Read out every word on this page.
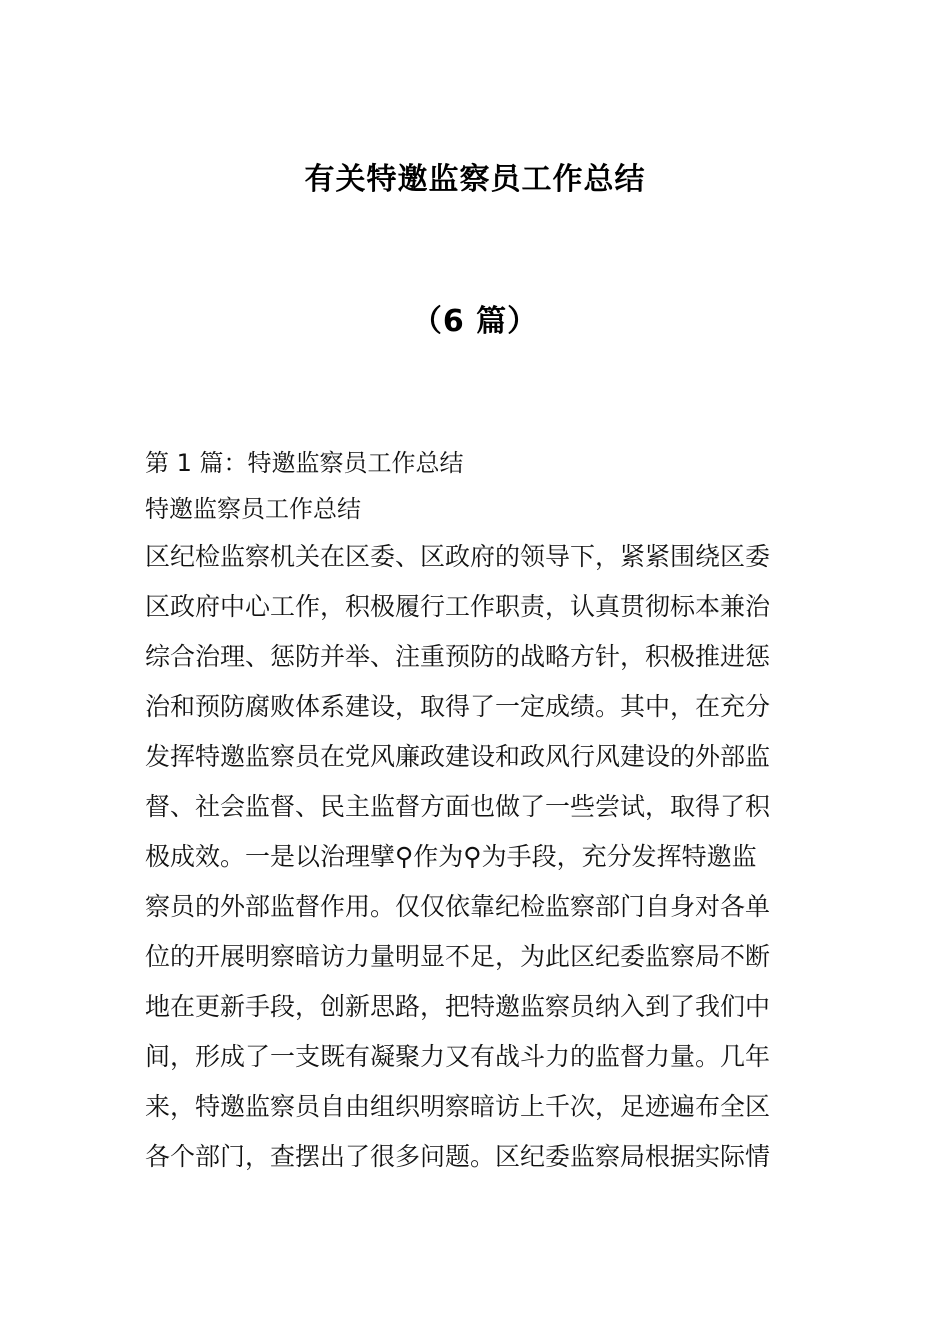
有关特邀监察员工作总结
（6 篇）
第 1 篇：特邀监察员工作总结
特邀监察员工作总结
区纪检监察机关在区委、区政府的领导下，紧紧围绕区委
区政府中心工作，积极履行工作职责，认真贯彻标本兼治
综合治理、惩防并举、注重预防的战略方针，积极推进惩
治和预防腐败体系建设，取得了一定成绩。其中，在充分
发挥特邀监察员在党风廉政建设和政风行风建设的外部监
督、社会监督、民主监督方面也做了一些尝试，取得了积
极成效。一是以治理擘⚲作为⚲为手段，充分发挥特邀监
察员的外部监督作用。仅仅依靠纪检监察部门自身对各单
位的开展明察暗访力量明显不足，为此区纪委监察局不断
地在更新手段，创新思路，把特邀监察员纳入到了我们中
间，形成了一支既有凝聚力又有战斗力的监督力量。几年
来，特邀监察员自由组织明察暗访上千次，足迹遍布全区
各个部门，查摆出了很多问题。区纪委监察局根据实际情
